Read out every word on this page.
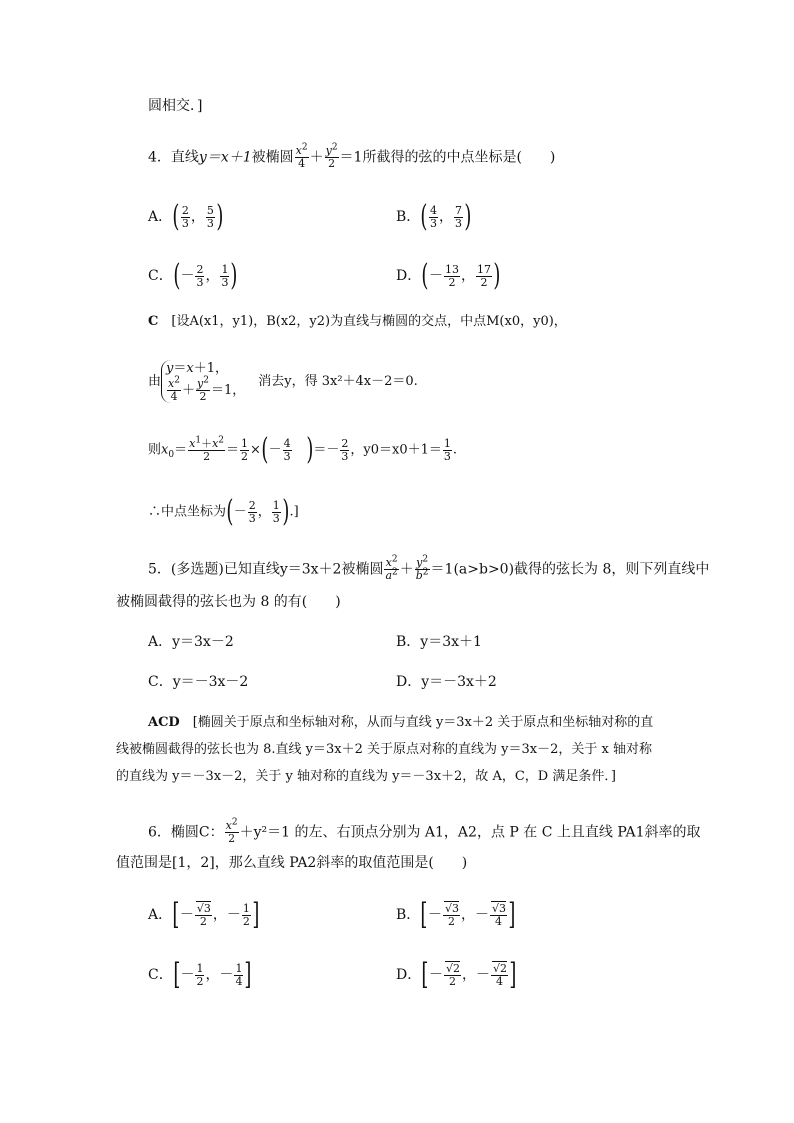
圆相交．]
4．直线y＝x＋1被椭圆 $\frac{x^2}{4} + \frac{y^2}{2} =1$所截得的弦的中点坐标是(　　)
A．( $\frac{2}{3}$ ， $\frac{5}{3}$ )	B．( $\frac{4}{3}$ ， $\frac{7}{3}$ )
C．(－ $\frac{2}{3}$ ， $\frac{1}{3}$ )	D．(－ $\frac{13}{2}$ ， $\frac{17}{2}$ )
C　 [设A(x1，y1)，B(x2，y2)为直线与椭圆的交点，中点M(x0，y0)，
由y＝x＋1，

$\frac{x^2}{4} + \frac{y^2}{2} =1$，　消去y，得 3x²＋4x－2＝0.
则$x_0= \frac{x^1+x^2}{2} = \frac{1}{2}$ ×(－ $\frac{4}{3}$
　 )＝－ $\frac{2}{3}$ ，$y0=x0+1= \frac{1}{3}$ .
∴中点坐标为(－ $\frac{2}{3}$ ， $\frac{1}{3}$ ).]
5．(多选题)已知直线y＝3x＋2被椭圆 $\frac{x^2}{a^2} + \frac{y^2}{b^2} =1(a>b>0)$截得的弦长为 8，则下列直线中
被椭圆截得的弦长也为 8 的有(　　)
A．y＝3x－2	B．y＝3x＋1
C．y＝－3x－2	D．y＝－3x＋2
ACD　 [椭圆关于原点和坐标轴对称，从而与直线 y＝3x＋2 关于原点和坐标轴对称的直
线被椭圆截得的弦长也为 8.直线 y＝3x＋2 关于原点对称的直线为 y＝3x－2，关于 x 轴对称
的直线为 y＝－3x－2，关于 y 轴对称的直线为 y＝－3x＋2，故 A，C，D 满足条件．]
6．椭圆C： $\frac{x^2}{2} +y^2=1$ 的左、右顶点分别为 A1，A2，点 P 在 C 上且直线 PA1斜率的取
值范围是[1，2]，那么直线 PA2斜率的取值范围是(　　)
A．[－ $\frac{√3}{2}$ ，－ $\frac{1}{2}$ ]	B．[－ $\frac{√3}{2}$ ，－ $\frac{√3}{4}$ ]
C．[－ $\frac{1}{2}$ ，－ $\frac{1}{4}$ ]	D．[－ $\frac{√2}{2}$ ，－ $\frac{√2}{4}$ ]
